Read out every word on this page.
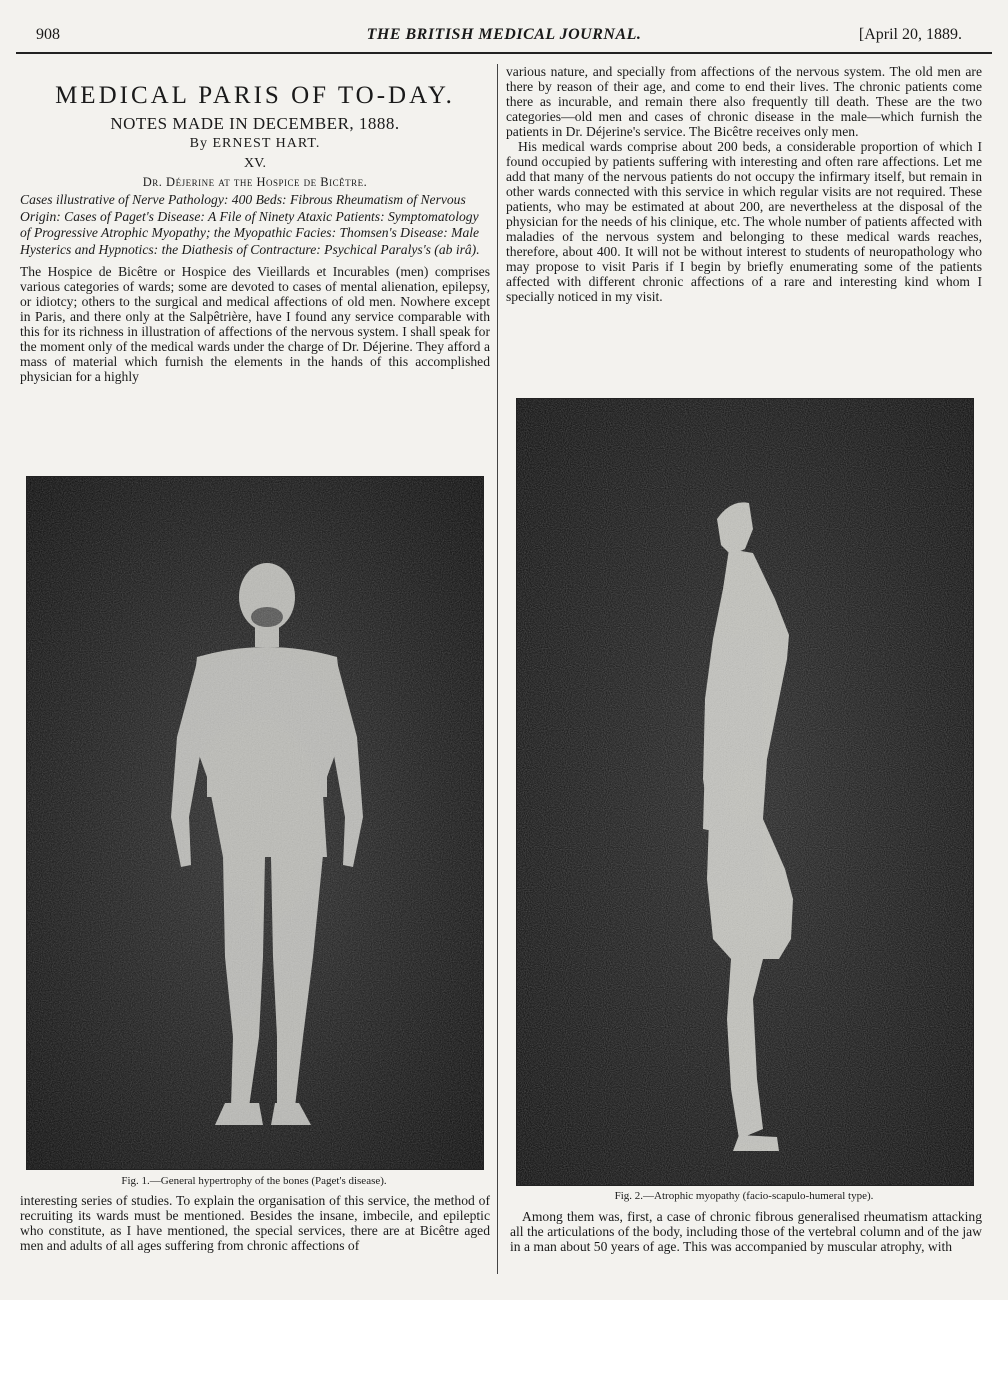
908	THE BRITISH MEDICAL JOURNAL.	[April 20, 1889.
MEDICAL PARIS OF TO-DAY.
NOTES MADE IN DECEMBER, 1888.
By ERNEST HART.
XV.
Dr. Déjerine at the Hospice de Bicêtre.
Cases illustrative of Nerve Pathology: 400 Beds: Fibrous Rheumatism of Nervous Origin: Cases of Paget's Disease: A File of Ninety Ataxic Patients: Symptomatology of Progressive Atrophic Myopathy; the Myopathic Facies: Thomsen's Disease: Male Hysterics and Hypnotics: the Diathesis of Contracture: Psychical Paralys's (ab irâ).

The Hospice de Bicêtre or Hospice des Vieillards et Incurables (men) comprises various categories of wards; some are devoted to cases of mental alienation, epilepsy, or idiotcy; others to the surgical and medical affections of old men. Nowhere except in Paris, and there only at the Salpêtrière, have I found any service comparable with this for its richness in illustration of affections of the nervous system. I shall speak for the moment only of the medical wards under the charge of Dr. Déjerine. They afford a mass of material which furnish the elements in the hands of this accomplished physician for a highly

various nature, and specially from affections of the nervous system. The old men are there by reason of their age, and come to end their lives. The chronic patients come there as incurable, and remain there also frequently till death. These are the two categories—old men and cases of chronic disease in the male—which furnish the patients in Dr. Déjerine's service. The Bicêtre receives only men.

His medical wards comprise about 200 beds, a considerable proportion of which I found occupied by patients suffering with interesting and often rare affections. Let me add that many of the nervous patients do not occupy the infirmary itself, but remain in other wards connected with this service in which regular visits are not required. These patients, who may be estimated at about 200, are nevertheless at the disposal of the physician for the needs of his clinique, etc. The whole number of patients affected with maladies of the nervous system and belonging to these medical wards reaches, therefore, about 400. It will not be without interest to students of neuropathology who may propose to visit Paris if I begin by briefly enumerating some of the patients affected with different chronic affections of a rare and interesting kind whom I specially noticed in my visit.

Fig. 1.—General hypertrophy of the bones (Paget's disease).
Fig. 2.—Atrophic myopathy (facio-scapulo-humeral type).

interesting series of studies. To explain the organisation of this service, the method of recruiting its wards must be mentioned. Besides the insane, imbecile, and epileptic who constitute, as I have mentioned, the special services, there are at Bicêtre aged men and adults of all ages suffering from chronic affections of

Among them was, first, a case of chronic fibrous generalised rheumatism attacking all the articulations of the body, including those of the vertebral column and of the jaw in a man about 50 years of age. This was accompanied by muscular atrophy, with
